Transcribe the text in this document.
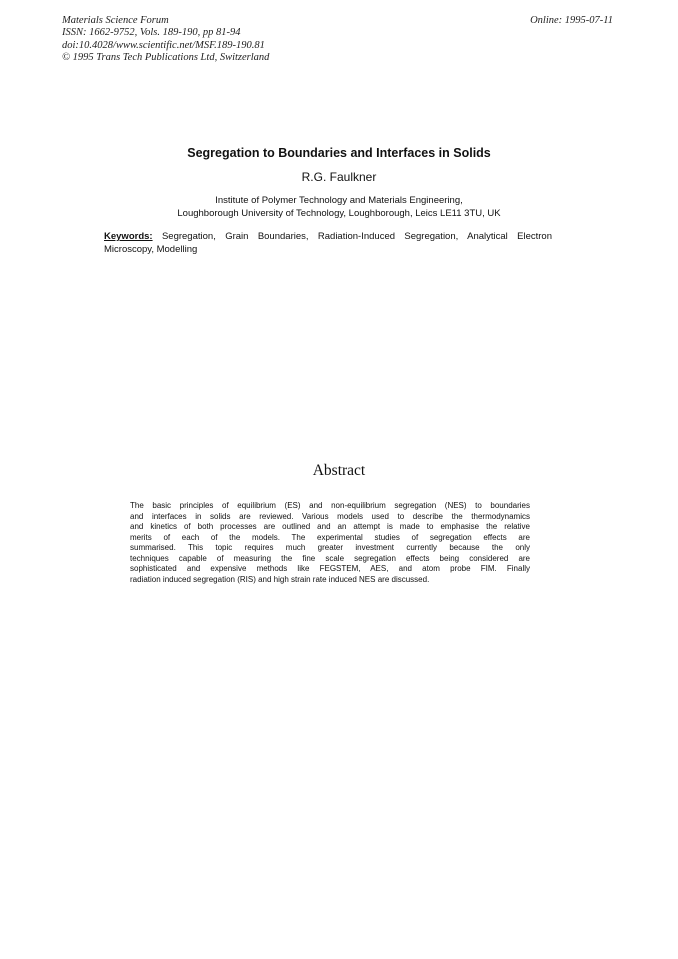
Materials Science Forum
ISSN: 1662-9752, Vols. 189-190, pp 81-94
doi:10.4028/www.scientific.net/MSF.189-190.81
© 1995 Trans Tech Publications Ltd, Switzerland
Online: 1995-07-11
Segregation to Boundaries and Interfaces in Solids
R.G. Faulkner
Institute of Polymer Technology and Materials Engineering,
Loughborough University of Technology, Loughborough, Leics LE11 3TU, UK
Keywords: Segregation, Grain Boundaries, Radiation-Induced Segregation, Analytical Electron Microscopy, Modelling
Abstract
The basic principles of equilibrium (ES) and non-equilibrium segregation (NES) to boundaries
and interfaces in solids are reviewed. Various models used to describe the thermodynamics
and kinetics of both processes are outlined and an attempt is made to emphasise the relative
merits of each of the models. The experimental studies of segregation effects are
summarised. This topic requires much greater investment currently because the only
techniques capable of measuring the fine scale segregation effects being considered are
sophisticated and expensive methods like FEGSTEM, AES, and atom probe FIM. Finally
radiation induced segregation (RIS) and high strain rate induced NES are discussed.
